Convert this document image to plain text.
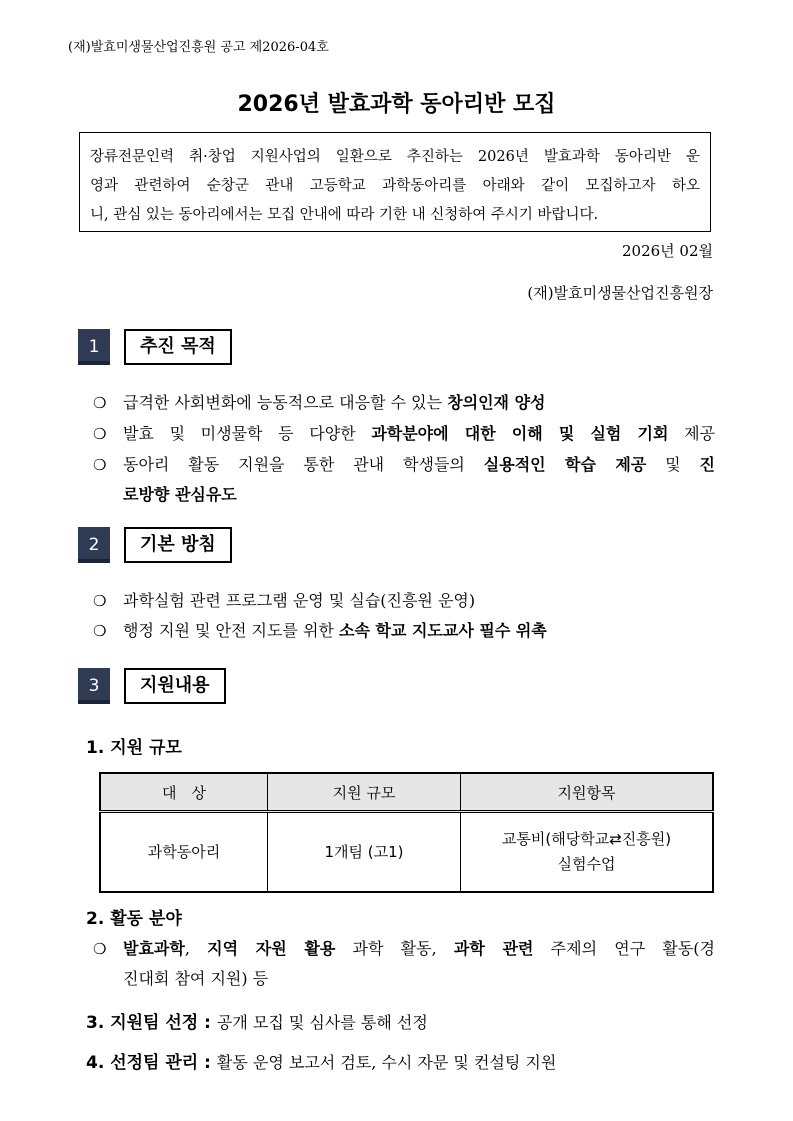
(재)발효미생물산업진흥원 공고 제2026-04호
2026년 발효과학 동아리반 모집
장류전문인력 취·창업 지원사업의 일환으로 추진하는 2026년 발효과학 동아리반 운
영과 관련하여 순창군 관내 고등학교 과학동아리를 아래와 같이 모집하고자 하오
니, 관심 있는 동아리에서는 모집 안내에 따라 기한 내 신청하여 주시기 바랍니다.
2026년 02월
(재)발효미생물산업진흥원장
1	추진 목적
❍ 급격한 사회변화에 능동적으로 대응할 수 있는 창의인재 양성
❍ 발효 및 미생물학 등 다양한 과학분야에 대한 이해 및 실험 기회 제공
❍ 동아리 활동 지원을 통한 관내 학생들의 실용적인 학습 제공 및 진
로방향 관심유도
2	기본 방침
❍ 과학실험 관련 프로그램 운영 및 실습(진흥원 운영)
❍ 행정 지원 및 안전 지도를 위한 소속 학교 지도교사 필수 위촉
3	지원내용
1. 지원 규모
대　상	지원 규모	지원항목
과학동아리	1개팀 (고1)	교통비(해당학교⇄진흥원)
실험수업
2. 활동 분야
❍ 발효과학, 지역 자원 활용 과학 활동, 과학 관련 주제의 연구 활동(경
진대회 참여 지원) 등
3. 지원팀 선정 : 공개 모집 및 심사를 통해 선정
4. 선정팀 관리 : 활동 운영 보고서 검토, 수시 자문 및 컨설팅 지원
